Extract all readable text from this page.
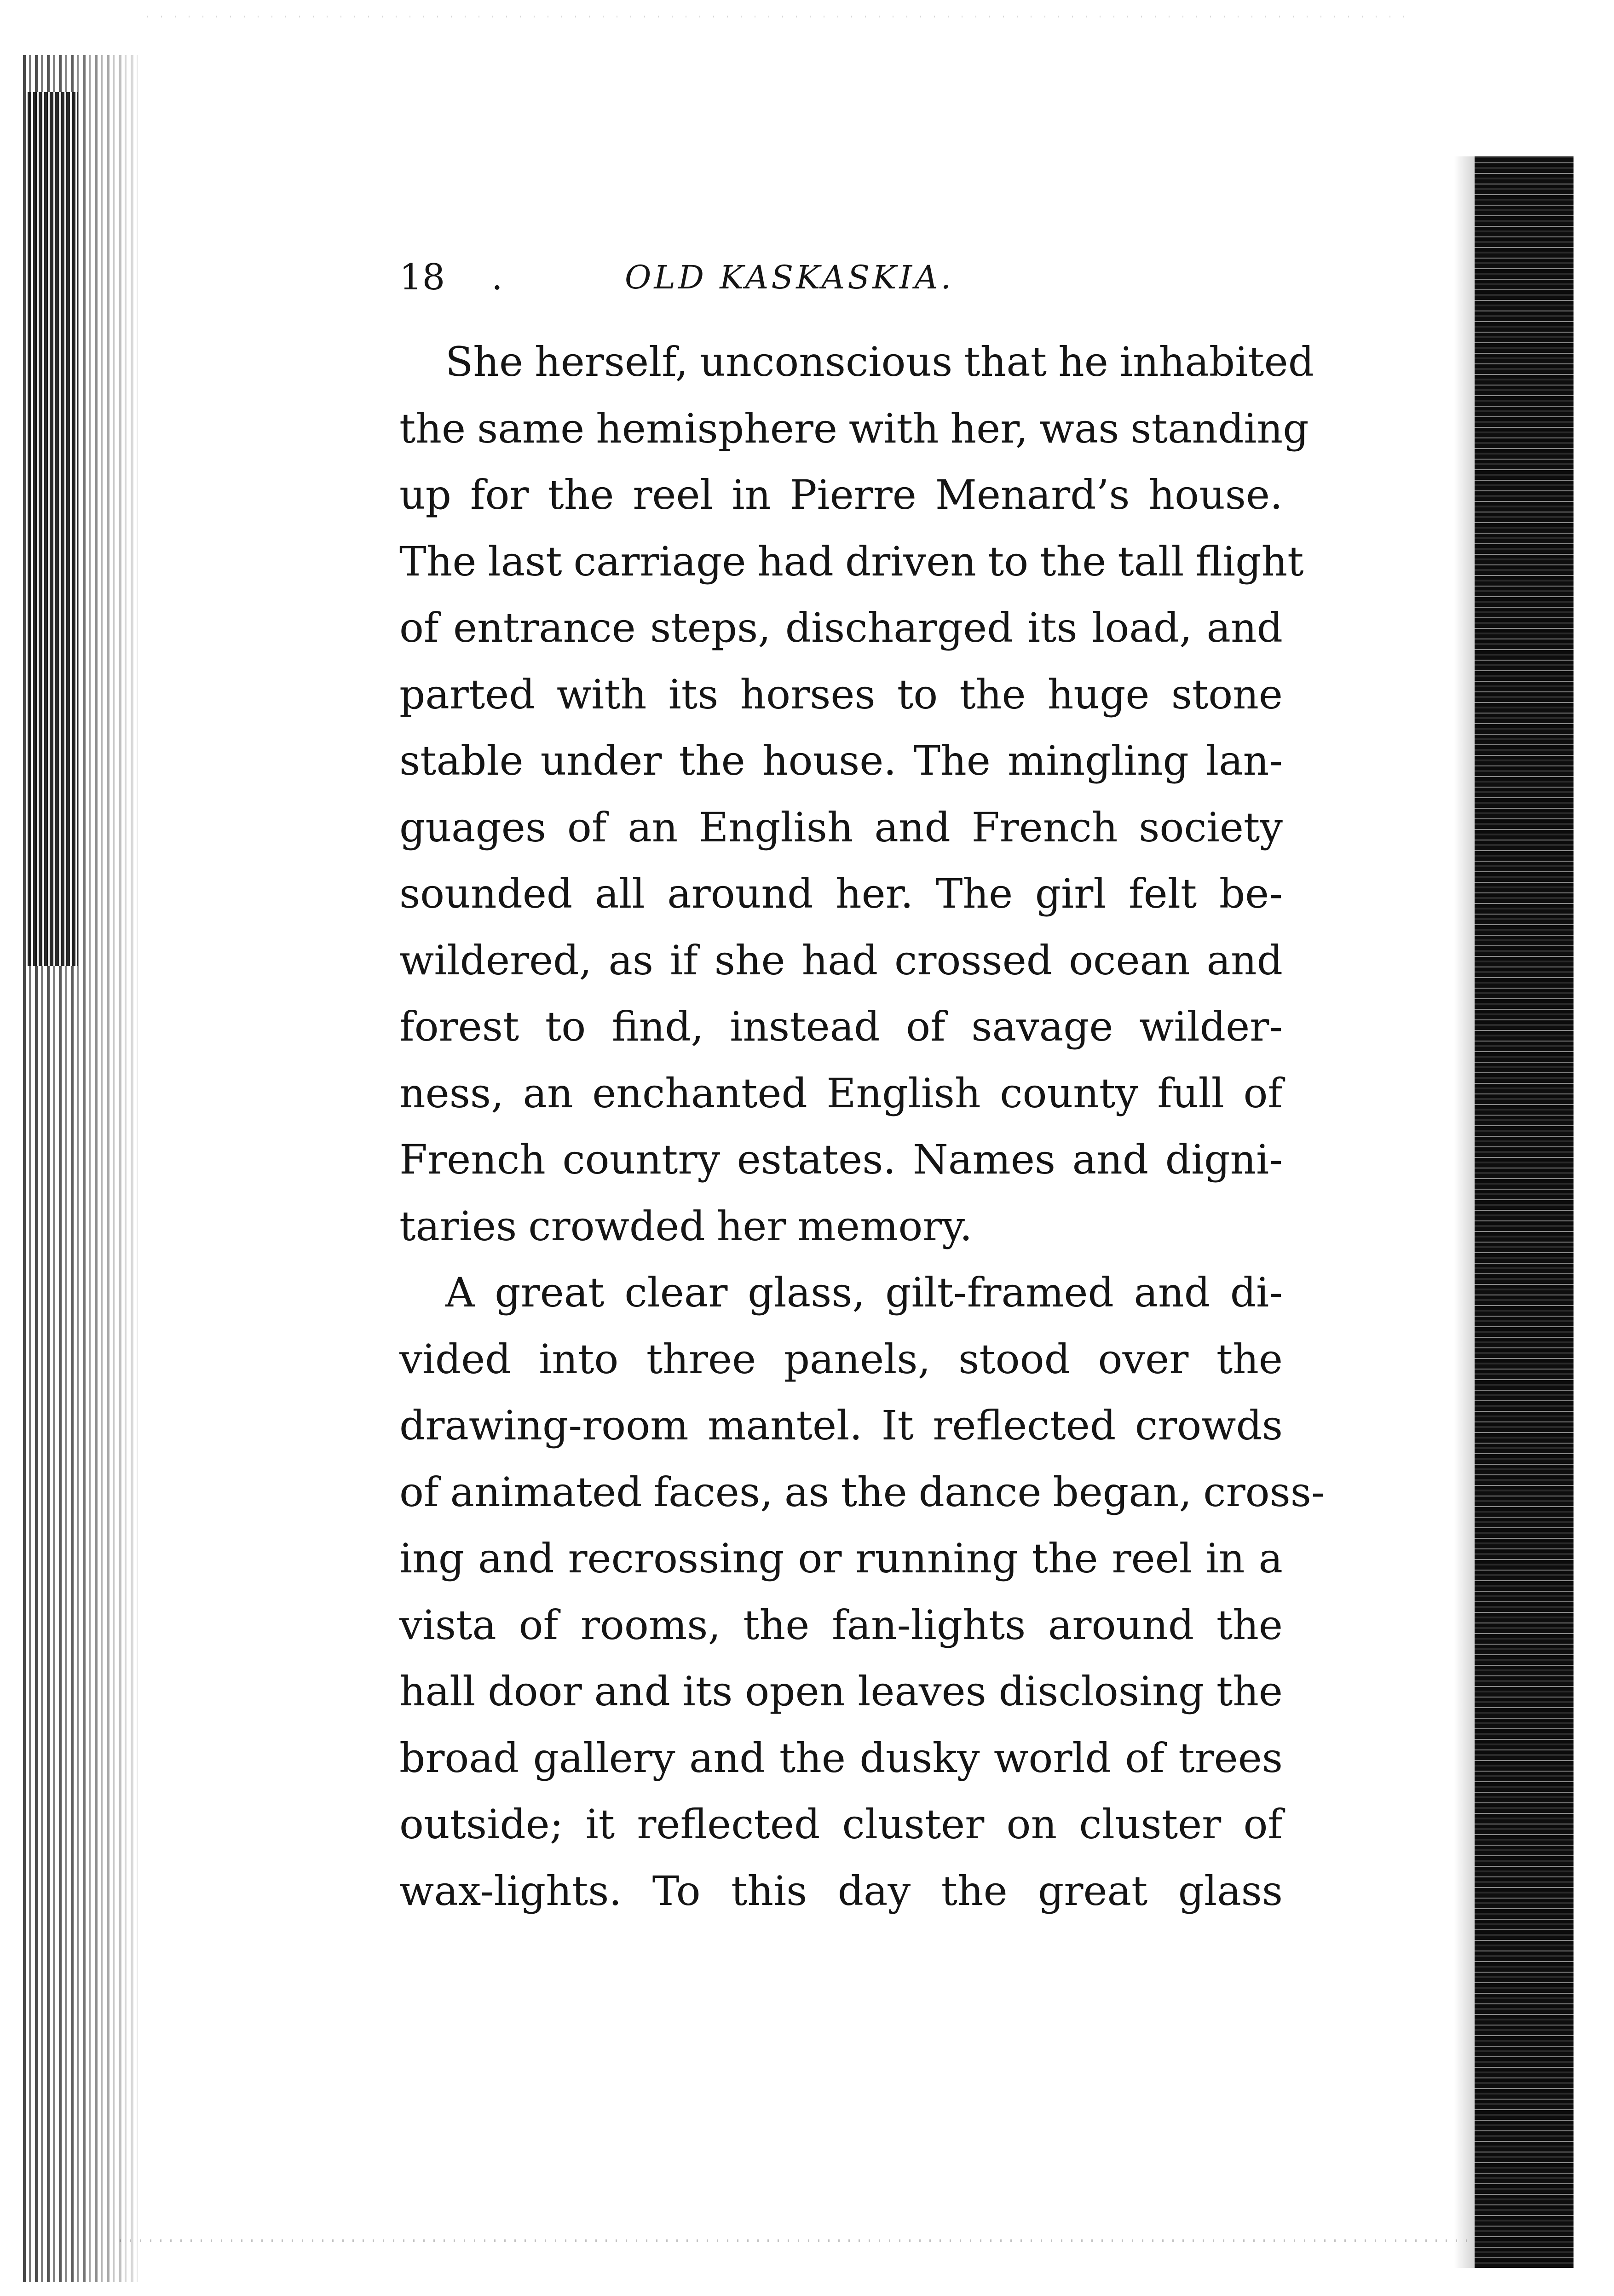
18 .	OLD KASKASKIA.
She herself, unconscious that he inhabited
the same hemisphere with her, was standing
up for the reel in Pierre Menard’s house.
The last carriage had driven to the tall flight
of entrance steps, discharged its load, and
parted with its horses to the huge stone
stable under the house. The mingling lan-
guages of an English and French society
sounded all around her. The girl felt be-
wildered, as if she had crossed ocean and
forest to find, instead of savage wilder-
ness, an enchanted English county full of
French country estates. Names and digni-
taries crowded her memory.
A great clear glass, gilt-framed and di-
vided into three panels, stood over the
drawing-room mantel. It reflected crowds
of animated faces, as the dance began, cross-
ing and recrossing or running the reel in a
vista of rooms, the fan-lights around the
hall door and its open leaves disclosing the
broad gallery and the dusky world of trees
outside; it reflected cluster on cluster of
wax-lights. To this day the great glass
